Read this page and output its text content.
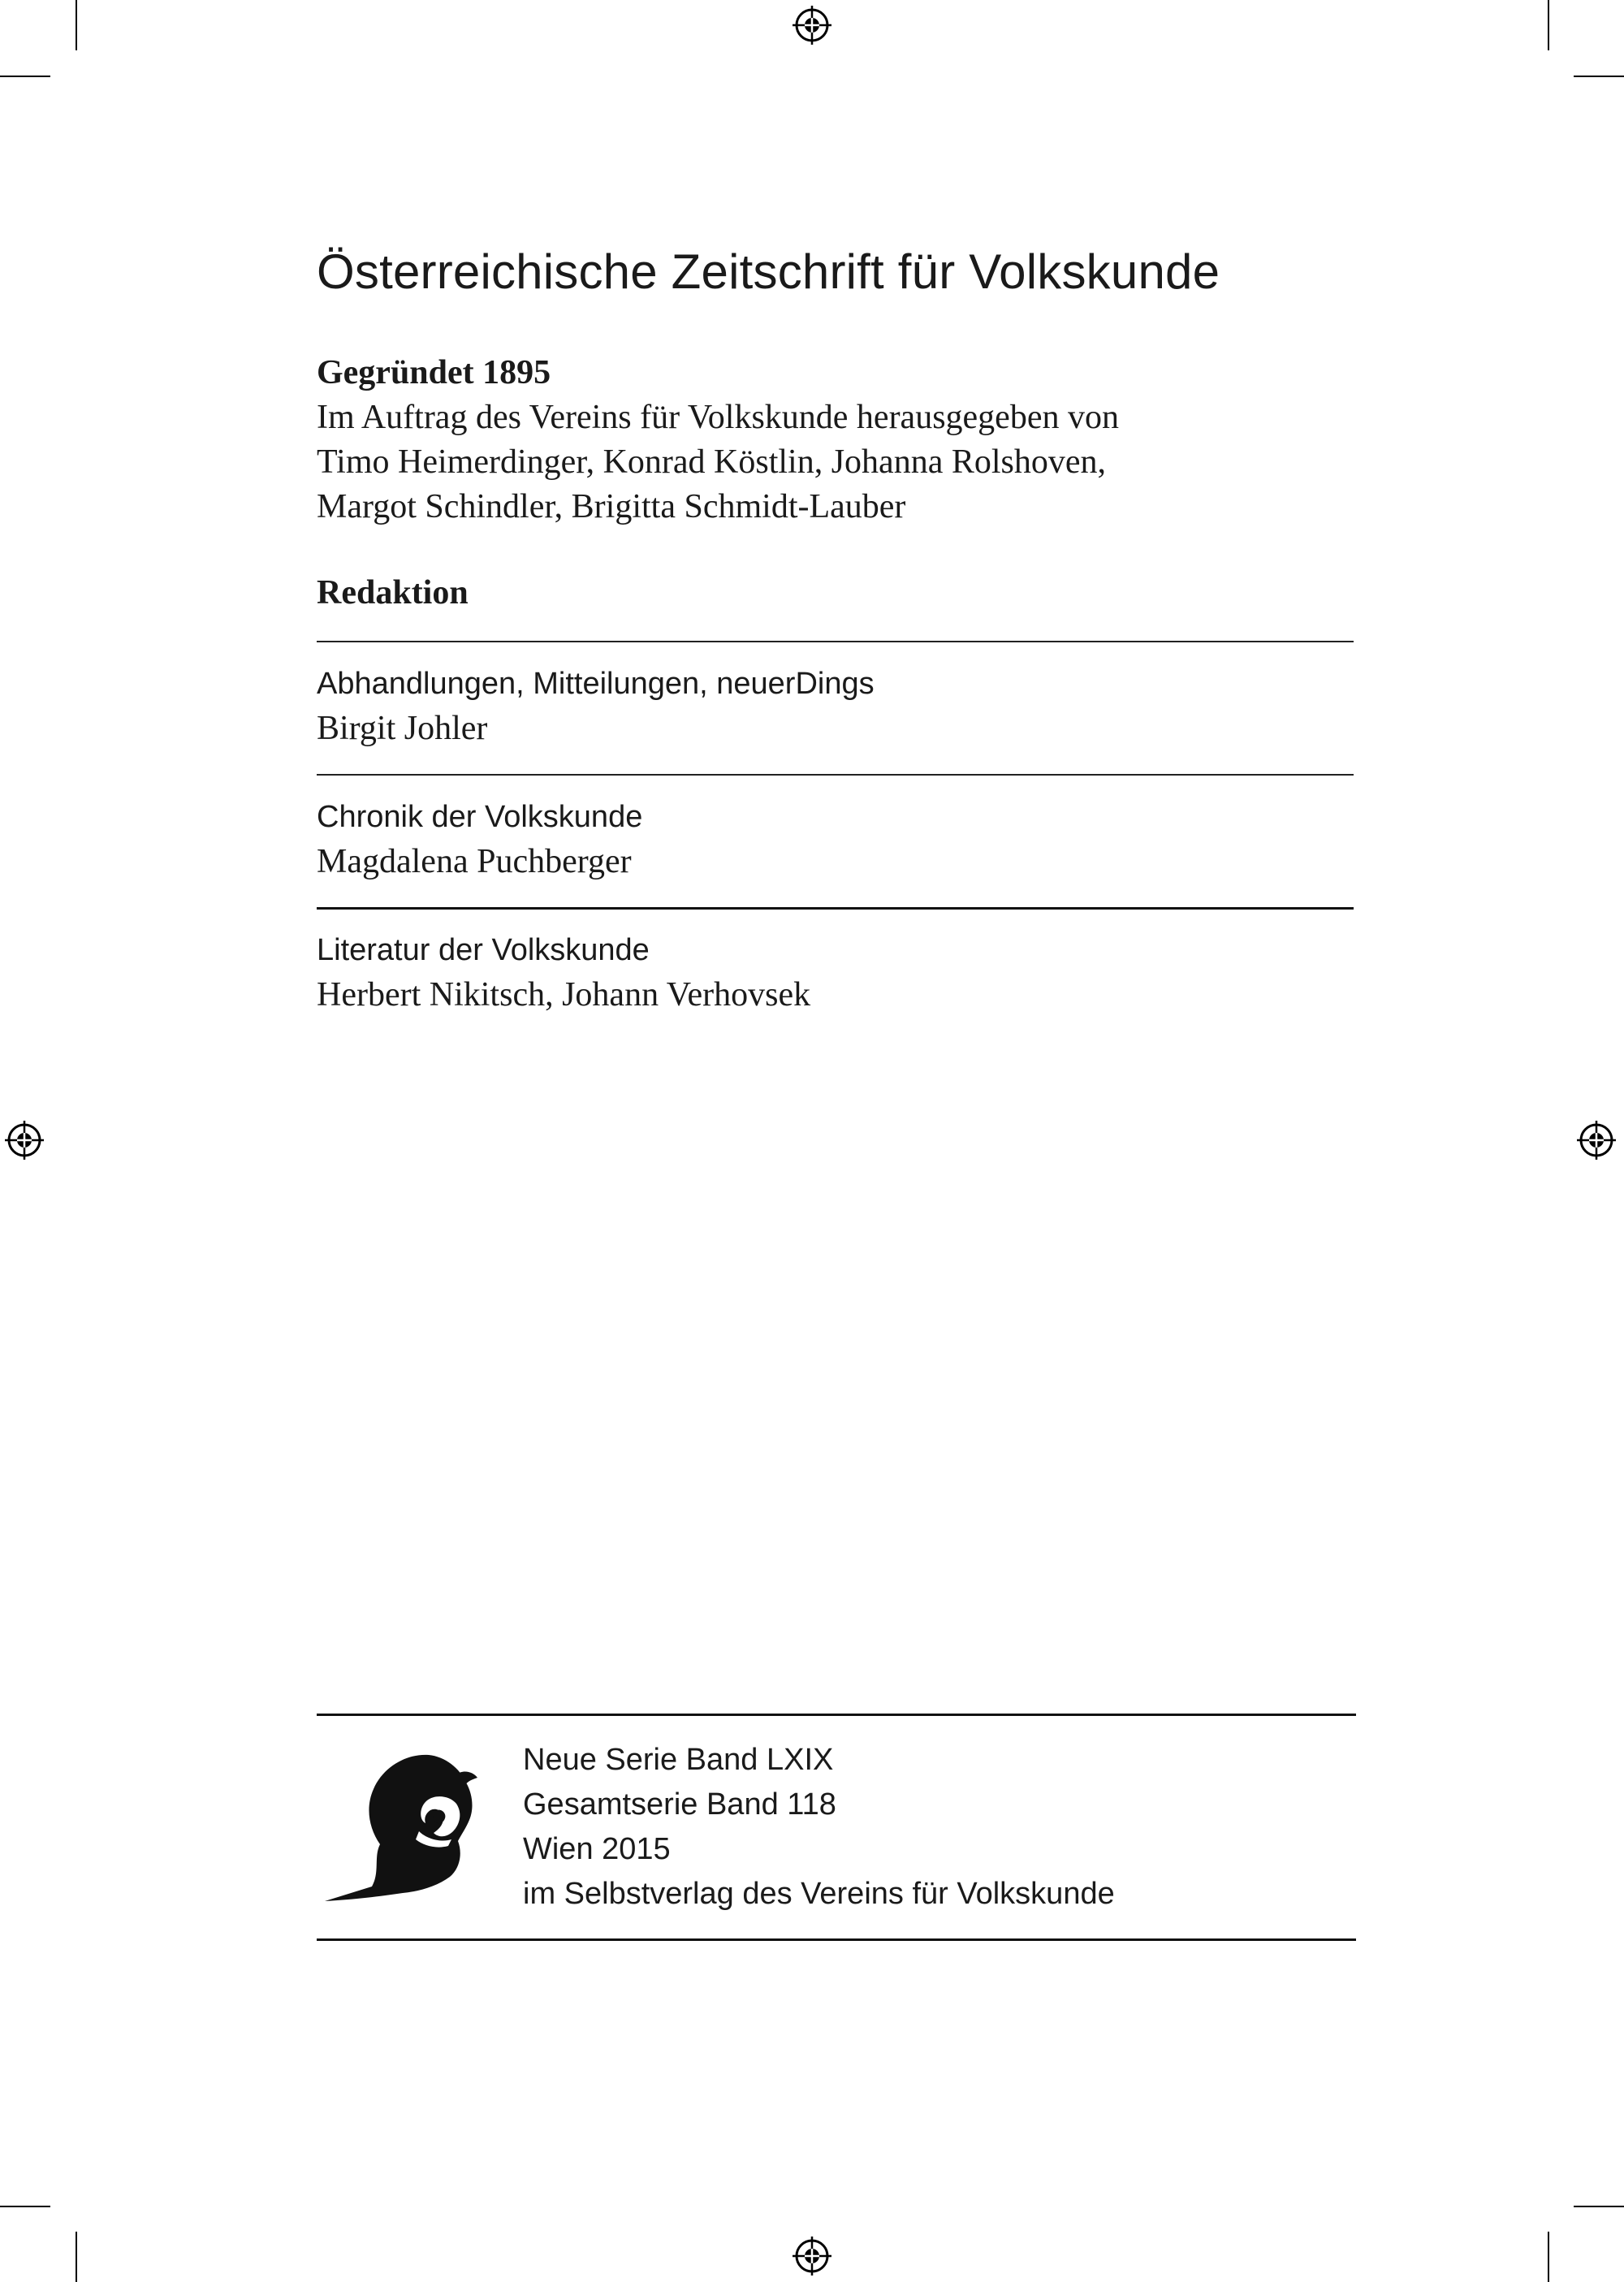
Österreichische Zeitschrift für Volkskunde

Gegründet 1895

Im Auftrag des Vereins für Volkskunde herausgegeben von

Timo Heimerdinger, Konrad Köstlin, Johanna Rolshoven,

Margot Schindler, Brigitta Schmidt-Lauber

Redaktion
Abhandlungen, Mitteilungen, neuerDings
Birgit Johler
Chronik der Volkskunde
Magdalena Puchberger
Literatur der Volkskunde
Herbert Nikitsch, Johann Verhovsek
Neue Serie Band LXIX
Gesamtserie Band 118
Wien 2015
im Selbstverlag des Vereins für Volkskunde
